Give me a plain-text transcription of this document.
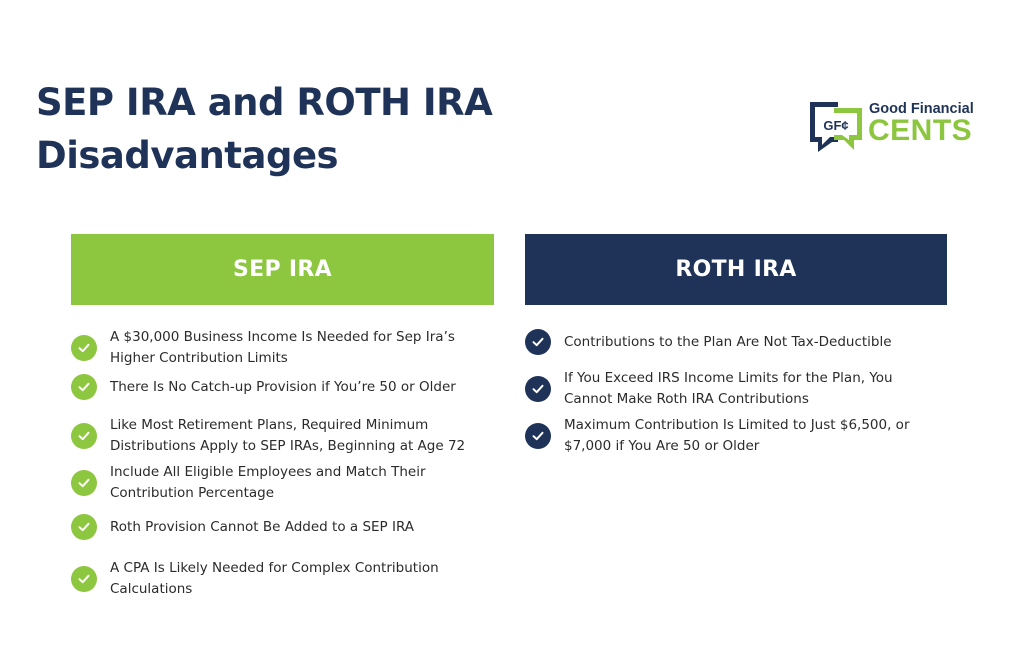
SEP IRA and ROTH IRA
Disadvantages
GF¢
Good Financial
CENTS
SEP IRA
A $30,000 Business Income Is Needed for Sep Ira’s Higher Contribution Limits
There Is No Catch-up Provision if You’re 50 or Older
Like Most Retirement Plans, Required Minimum Distributions Apply to SEP IRAs, Beginning at Age 72
Include All Eligible Employees and Match Their Contribution Percentage
Roth Provision Cannot Be Added to a SEP IRA
A CPA Is Likely Needed for Complex Contribution Calculations
ROTH IRA
Contributions to the Plan Are Not Tax-Deductible
If You Exceed IRS Income Limits for the Plan, You Cannot Make Roth IRA Contributions
Maximum Contribution Is Limited to Just $6,500, or $7,000 if You Are 50 or Older
